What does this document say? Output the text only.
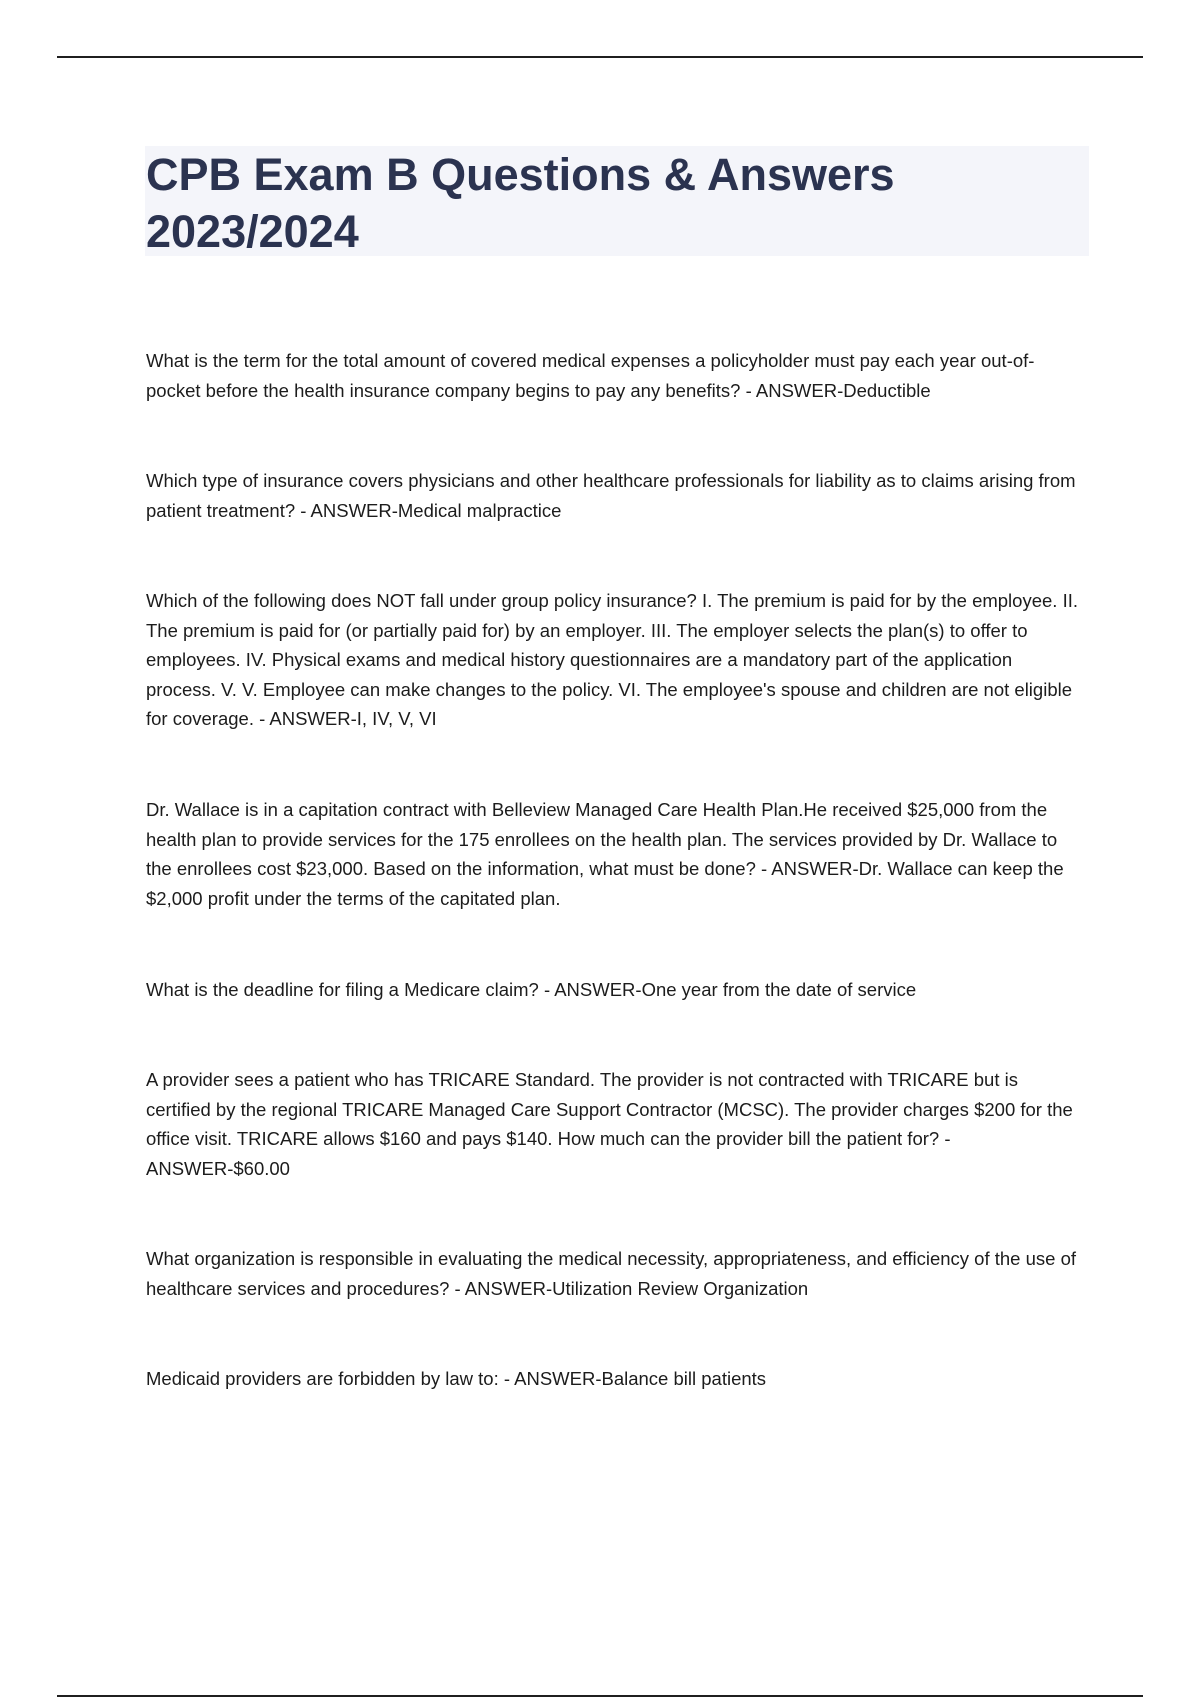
CPB Exam B Questions & Answers 2023/2024

What is the term for the total amount of covered medical expenses a policyholder must pay each year out-of-pocket before the health insurance company begins to pay any benefits? - ANSWER-Deductible

Which type of insurance covers physicians and other healthcare professionals for liability as to claims arising from patient treatment? - ANSWER-Medical malpractice

Which of the following does NOT fall under group policy insurance? I. The premium is paid for by the employee. II. The premium is paid for (or partially paid for) by an employer. III. The employer selects the plan(s) to offer to employees. IV. Physical exams and medical history questionnaires are a mandatory part of the application process. V. V. Employee can make changes to the policy. VI. The employee's spouse and children are not eligible for coverage. - ANSWER-I, IV, V, VI

Dr. Wallace is in a capitation contract with Belleview Managed Care Health Plan.He received $25,000 from the health plan to provide services for the 175 enrollees on the health plan. The services provided by Dr. Wallace to the enrollees cost $23,000. Based on the information, what must be done? - ANSWER-Dr. Wallace can keep the $2,000 profit under the terms of the capitated plan.

What is the deadline for filing a Medicare claim? - ANSWER-One year from the date of service

A provider sees a patient who has TRICARE Standard. The provider is not contracted with TRICARE but is certified by the regional TRICARE Managed Care Support Contractor (MCSC). The provider charges $200 for the office visit. TRICARE allows $160 and pays $140. How much can the provider bill the patient for? - ANSWER-$60.00

What organization is responsible in evaluating the medical necessity, appropriateness, and efficiency of the use of healthcare services and procedures? - ANSWER-Utilization Review Organization

Medicaid providers are forbidden by law to: - ANSWER-Balance bill patients
